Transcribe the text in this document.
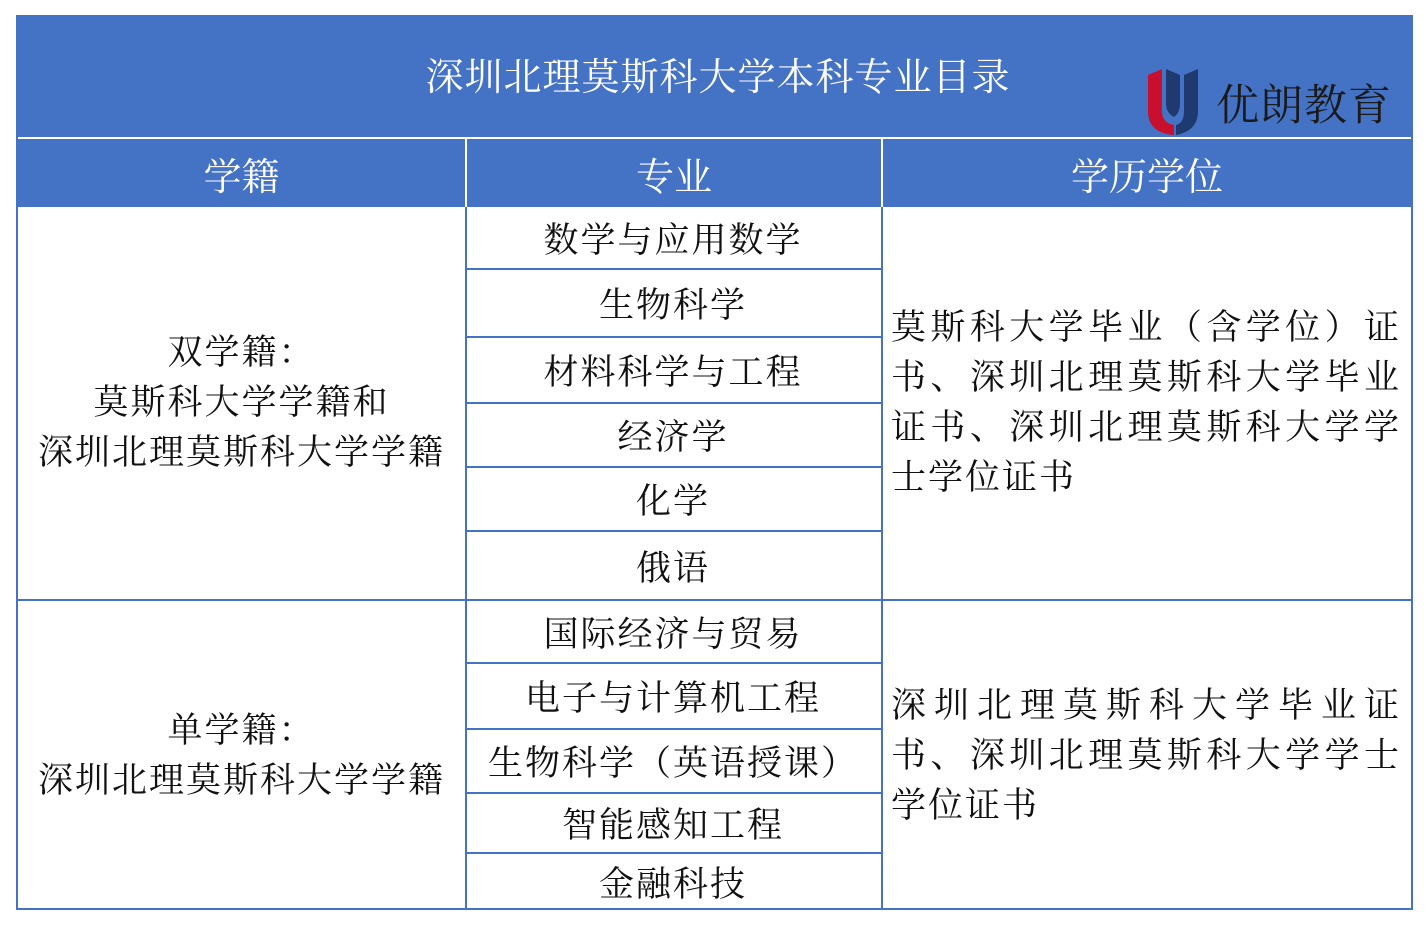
深圳北理莫斯科大学本科专业目录
优朗教育
学籍	专业	学历学位
双学籍：
莫斯科大学学籍和
深圳北理莫斯科大学学籍
数学与应用数学
生物科学
材料科学与工程
经济学
化学
俄语
莫斯科大学毕业（含学位）证书、深圳北理莫斯科大学毕业证书、深圳北理莫斯科大学学士学位证书
单学籍：
深圳北理莫斯科大学学籍
国际经济与贸易
电子与计算机工程
生物科学（英语授课）
智能感知工程
金融科技
深圳北理莫斯科大学毕业证书、深圳北理莫斯科大学学士学位证书
